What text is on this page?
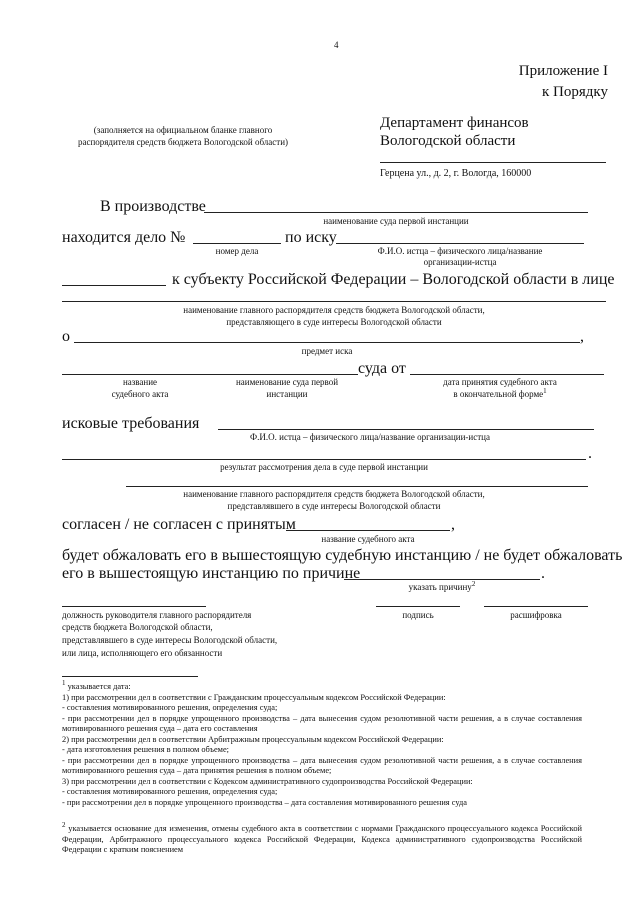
4
Приложение I
к Порядку
(заполняется на официальном бланке главного
распорядителя средств бюджета Вологодской области)
Департамент финансов
Вологодской области
Герцена ул., д. 2, г. Вологда, 160000
В производстве
наименование суда первой инстанции
находится дело №	по иску
номер дела	Ф.И.О. истца – физического лица/название
организации-истца
к субъекту Российской Федерации – Вологодской области в лице
наименование главного распорядителя средств бюджета Вологодской области,
представляющего в суде интересы Вологодской области
о	,
предмет иска
суда от
название
судебного акта
наименование суда первой
инстанции
дата принятия судебного акта
в окончательной форме$^1$
исковые требования
Ф.И.О. истца – физического лица/название организации-истца
.
результат рассмотрения дела в суде первой инстанции
наименование главного распорядителя средств бюджета Вологодской области,
представлявшего в суде интересы Вологодской области
согласен / не согласен с принятым	,
название судебного акта
будет обжаловать его в вышестоящую судебную инстанцию / не будет обжаловать
его в вышестоящую инстанцию по причине	.
указать причину$^2$
должность руководителя главного распорядителя
средств бюджета Вологодской области,
представлявшего в суде интересы Вологодской области,
или лица, исполняющего его обязанности
подпись	расшифровка
$^1$ указывается дата:
1) при рассмотрении дел в соответствии с Гражданским процессуальным кодексом Российской Федерации:
- составления мотивированного решения, определения суда;
- при рассмотрении дел в порядке упрощенного производства – дата вынесения судом резолютивной части решения, а в случае составления мотивированного решения суда – дата его составления
2) при рассмотрении дел в соответствии Арбитражным процессуальным кодексом Российской Федерации:
- дата изготовления решения в полном объеме;
- при рассмотрении дел в порядке упрощенного производства – дата вынесения судом резолютивной части решения, а в случае составления мотивированного решения суда – дата принятия решения в полном объеме;
3) при рассмотрении дел в соответствии с Кодексом административного судопроизводства Российской Федерации:
- составления мотивированного решения, определения суда;
- при рассмотрении дел в порядке упрощенного производства – дата составления мотивированного решения суда
$^2$ указывается основание для изменения, отмены судебного акта в соответствии с нормами Гражданского процессуального кодекса Российской Федерации, Арбитражного процессуального кодекса Российской Федерации, Кодекса административного судопроизводства Российской Федерации с кратким пояснением
